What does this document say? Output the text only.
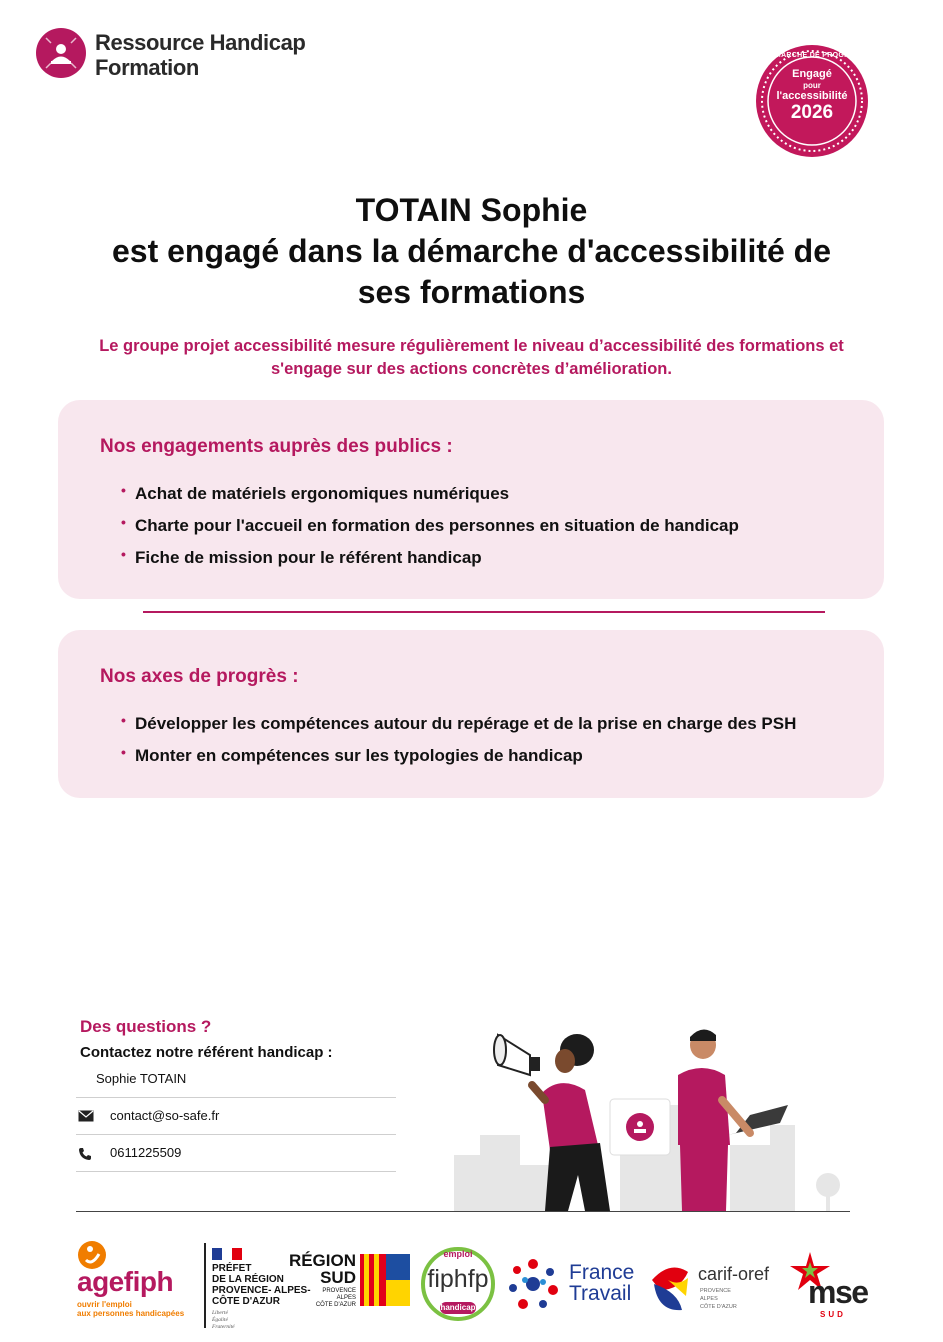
Ressource Handicap
Formation	DÉMARCHE DE PROGRÈS
Engagé
pour
l'accessibilité
2026
TOTAIN Sophie
est engagé dans la démarche d'accessibilité de
ses formations
Le groupe projet accessibilité mesure régulièrement le niveau d’accessibilité des formations et
s'engage sur des actions concrètes d’amélioration.
Nos engagements auprès des publics :
• Achat de matériels ergonomiques numériques
• Charte pour l'accueil en formation des personnes en situation de handicap
• Fiche de mission pour le référent handicap
Nos axes de progrès :
• Développer les compétences autour du repérage et de la prise en charge des PSH
• Monter en compétences sur les typologies de handicap
Des questions ?
Contactez notre référent handicap :
Sophie TOTAIN
contact@so-safe.fr
0611225509
agefiph
ouvrir l'emploi
aux personnes handicapées
PRÉFET
DE LA RÉGION
PROVENCE- ALPES-
CÔTE D'AZUR
Liberté
Égalité
Fraternité
RÉGION
SUD
PROVENCE
ALPES
CÔTE D'AZUR
emploi
fiphfp
handicap
France
Travail
carif-oref
PROVENCE
ALPES
CÔTE D'AZUR mse
SUD
